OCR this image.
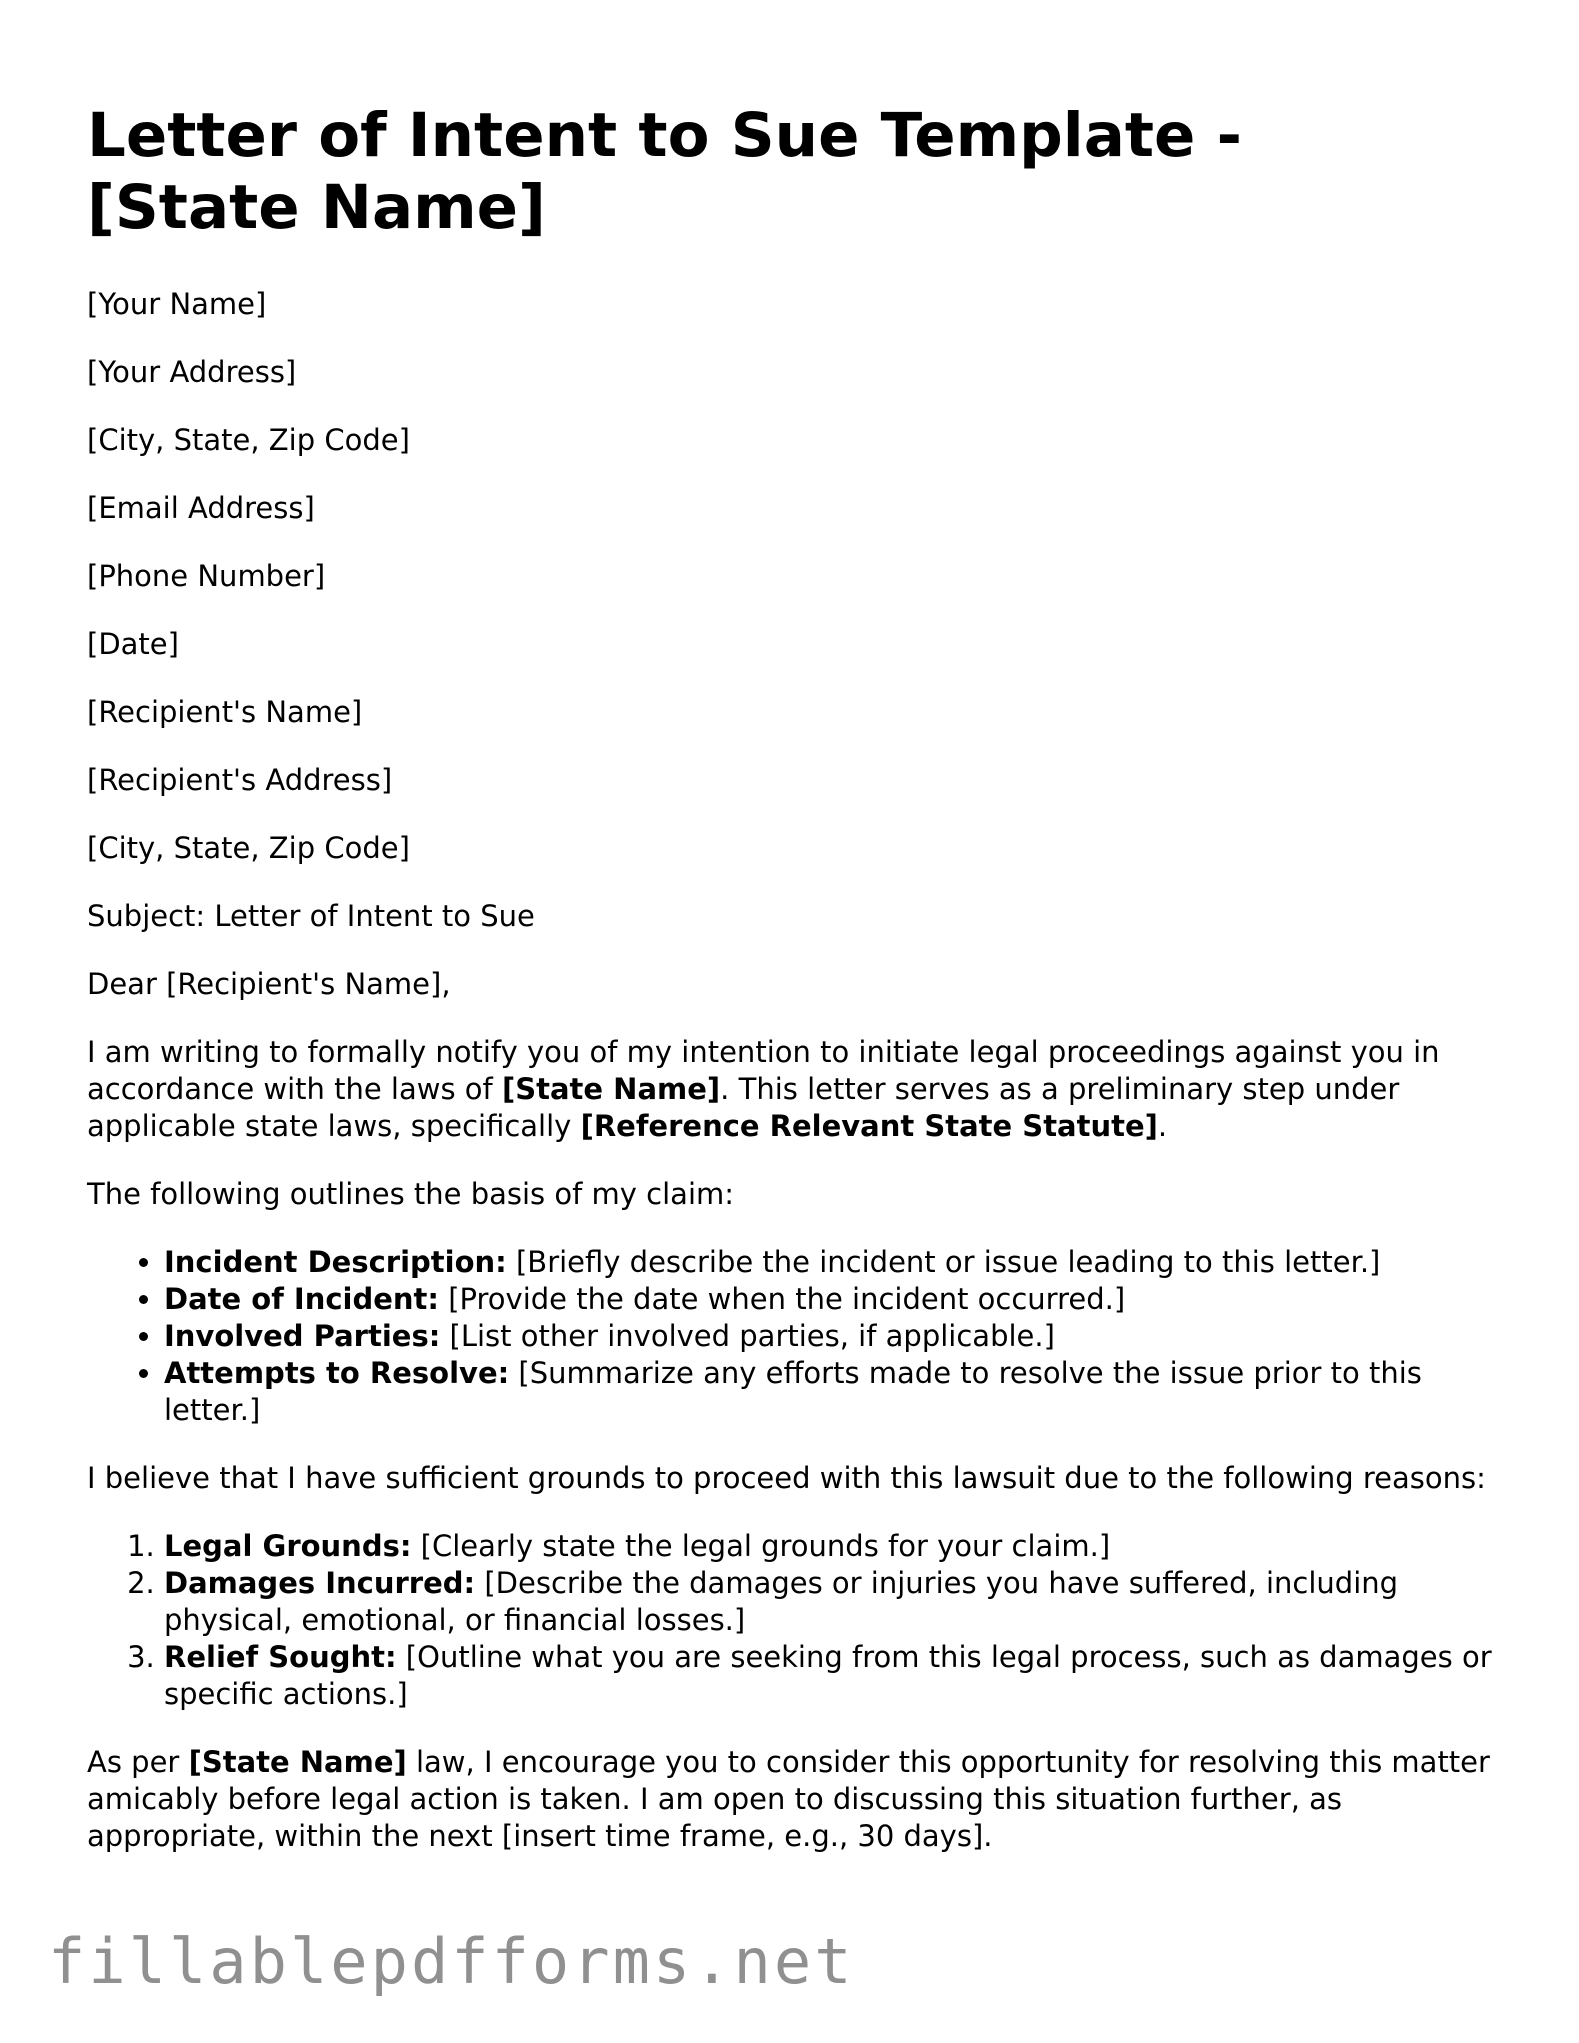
Letter of Intent to Sue Template - [State Name]

[Your Name]

[Your Address]

[City, State, Zip Code]

[Email Address]

[Phone Number]

[Date]

[Recipient's Name]

[Recipient's Address]

[City, State, Zip Code]

Subject: Letter of Intent to Sue

Dear [Recipient's Name],

I am writing to formally notify you of my intention to initiate legal proceedings against you in accordance with the laws of [State Name]. This letter serves as a preliminary step under applicable state laws, specifically [Reference Relevant State Statute].

The following outlines the basis of my claim:

• Incident Description: [Briefly describe the incident or issue leading to this letter.]
• Date of Incident: [Provide the date when the incident occurred.]
• Involved Parties: [List other involved parties, if applicable.]
• Attempts to Resolve: [Summarize any efforts made to resolve the issue prior to this letter.]

I believe that I have sufficient grounds to proceed with this lawsuit due to the following reasons:

1. Legal Grounds: [Clearly state the legal grounds for your claim.]
2. Damages Incurred: [Describe the damages or injuries you have suffered, including physical, emotional, or financial losses.]
3. Relief Sought: [Outline what you are seeking from this legal process, such as damages or specific actions.]

As per [State Name] law, I encourage you to consider this opportunity for resolving this matter amicably before legal action is taken. I am open to discussing this situation further, as appropriate, within the next [insert time frame, e.g., 30 days].

fillablepdfforms.net
